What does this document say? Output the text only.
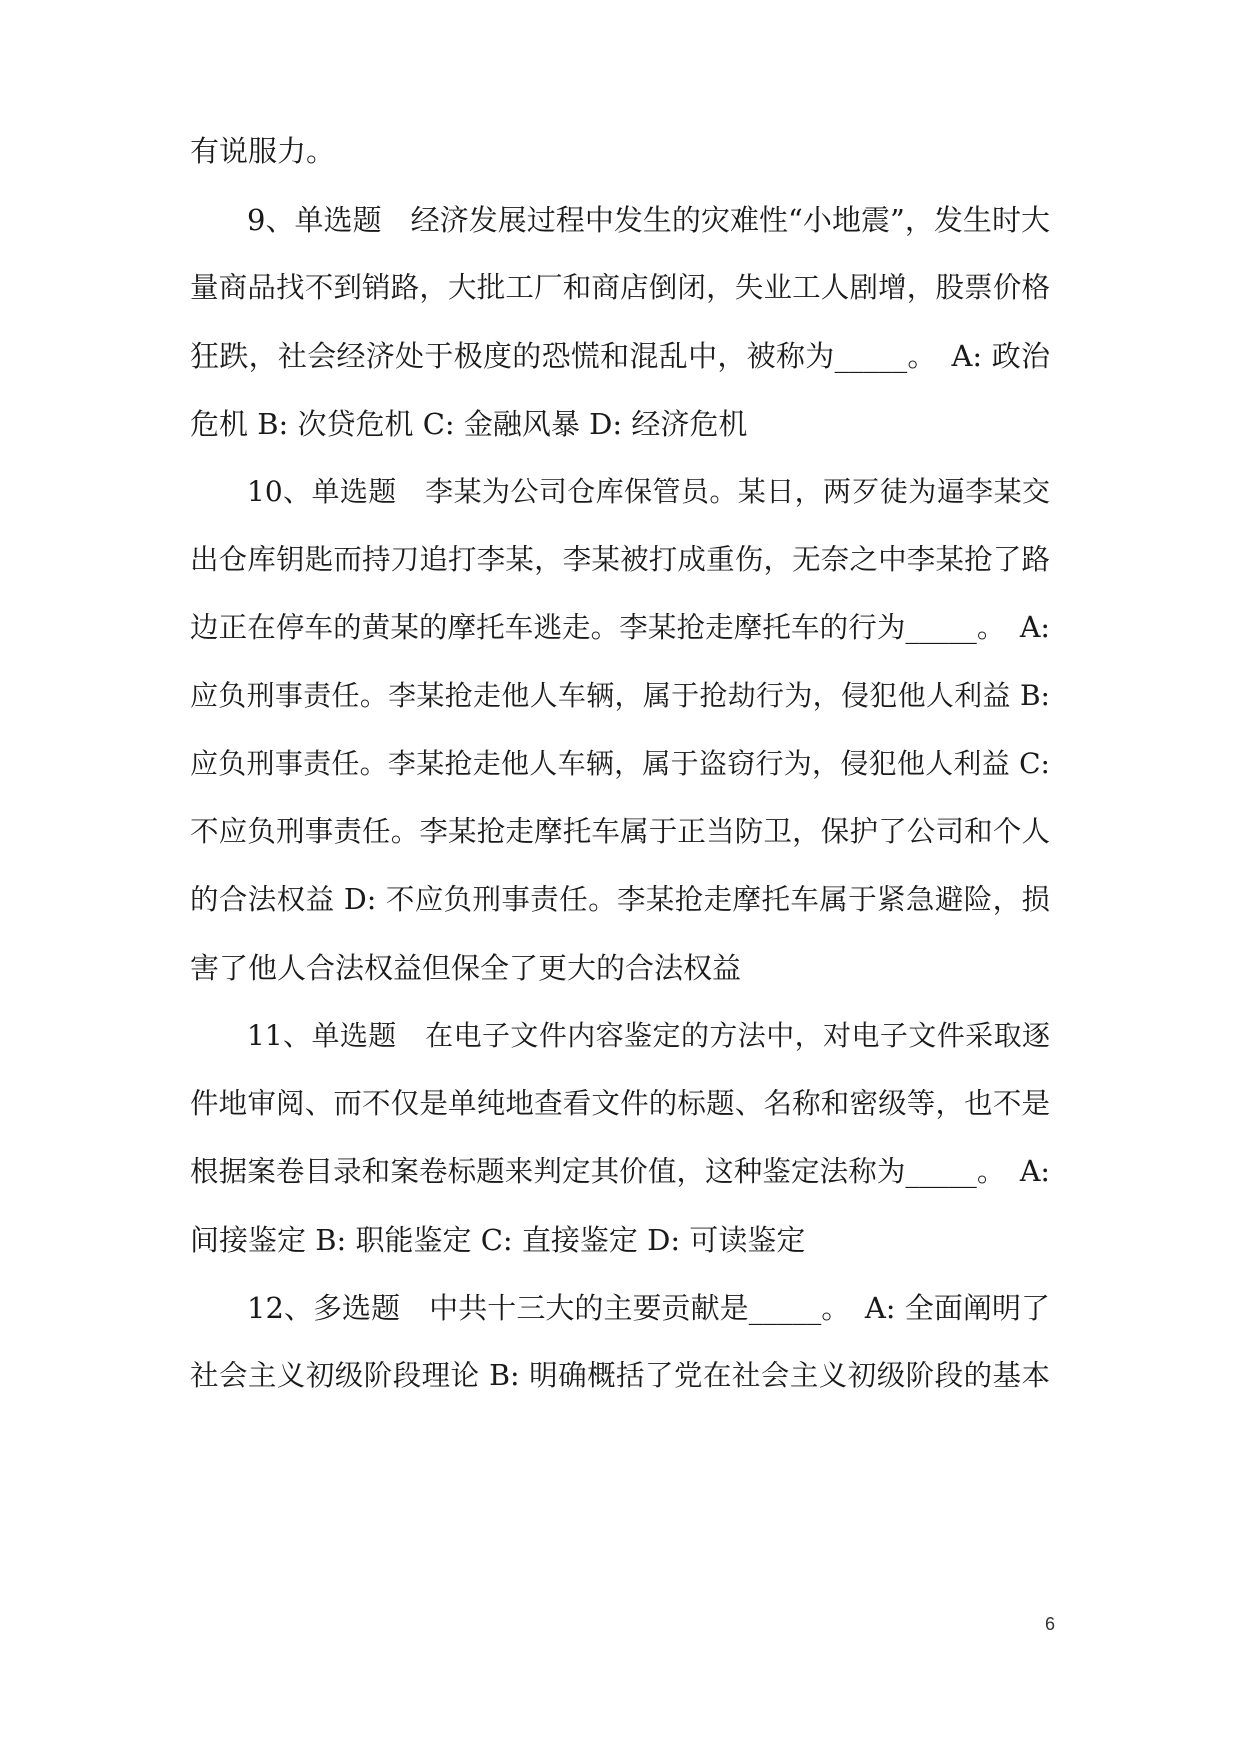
有说服力。
9、单选题　经济发展过程中发生的灾难性“小地震”，发生时大
量商品找不到销路，大批工厂和商店倒闭，失业工人剧增，股票价格
狂跌，社会经济处于极度的恐慌和混乱中，被称为_____。　A: 政治
危机 B: 次贷危机 C: 金融风暴 D: 经济危机
10、单选题　李某为公司仓库保管员。某日，两歹徒为逼李某交
出仓库钥匙而持刀追打李某，李某被打成重伤，无奈之中李某抢了路
边正在停车的黄某的摩托车逃走。李某抢走摩托车的行为_____。　A:
应负刑事责任。李某抢走他人车辆，属于抢劫行为，侵犯他人利益 B:
应负刑事责任。李某抢走他人车辆，属于盗窃行为，侵犯他人利益 C:
不应负刑事责任。李某抢走摩托车属于正当防卫，保护了公司和个人
的合法权益 D: 不应负刑事责任。李某抢走摩托车属于紧急避险，损
害了他人合法权益但保全了更大的合法权益
11、单选题　在电子文件内容鉴定的方法中，对电子文件采取逐
件地审阅、而不仅是单纯地查看文件的标题、名称和密级等，也不是
根据案卷目录和案卷标题来判定其价值，这种鉴定法称为_____。　A:
间接鉴定 B: 职能鉴定 C: 直接鉴定 D: 可读鉴定
12、多选题　中共十三大的主要贡献是_____。　A: 全面阐明了
社会主义初级阶段理论 B: 明确概括了党在社会主义初级阶段的基本
6
